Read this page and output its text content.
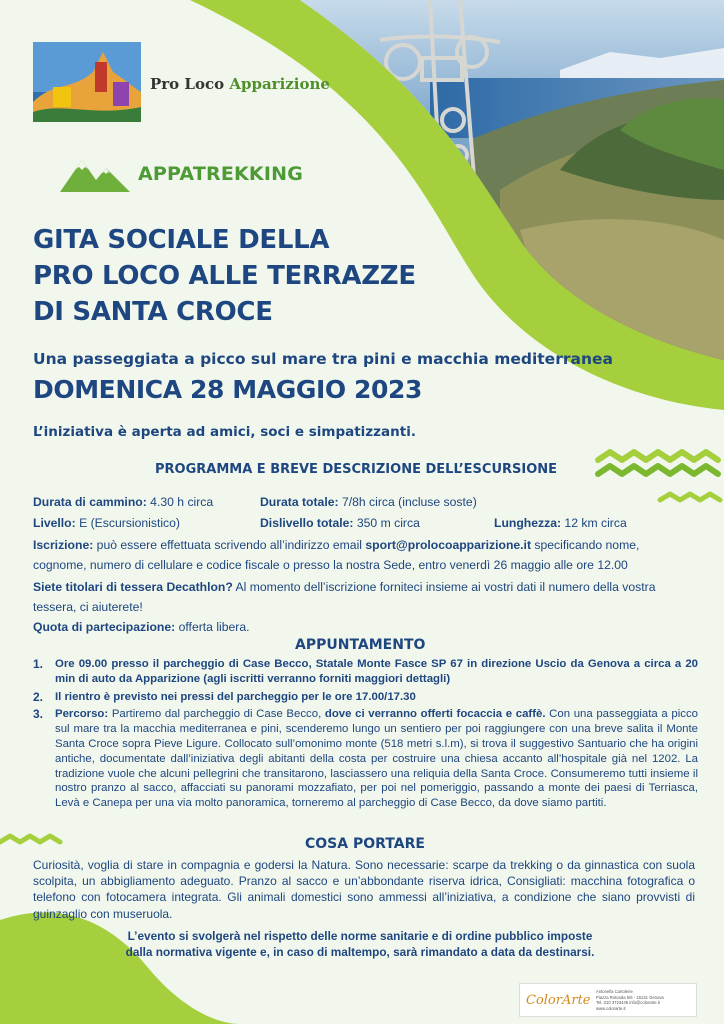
Pro Loco Apparizione
APPATREKKING
GITA SOCIALE DELLA
PRO LOCO ALLE TERRAZZE
DI SANTA CROCE
Una passeggiata a picco sul mare tra pini e macchia mediterranea
DOMENICA 28 MAGGIO 2023
L’iniziativa è aperta ad amici, soci e simpatizzanti.
PROGRAMMA E BREVE DESCRIZIONE DELL’ESCURSIONE
Durata di cammino: 4.30 h circa	Durata totale: 7/8h circa (incluse soste)
Livello: E (Escursionistico)	Dislivello totale: 350 m circa	Lunghezza: 12 km circa
Iscrizione: può essere effettuata scrivendo all’indirizzo email sport@prolocoapparizione.it specificando nome, cognome, numero di cellulare e codice fiscale o presso la nostra Sede, entro venerdì 26 maggio alle ore 12.00
Siete titolari di tessera Decathlon? Al momento dell’iscrizione forniteci insieme ai vostri dati il numero della vostra tessera, ci aiuterete!
Quota di partecipazione: offerta libera.
APPUNTAMENTO
1. Ore 09.00 presso il parcheggio di Case Becco, Statale Monte Fasce SP 67 in direzione Uscio da Genova a circa a 20 min di auto da Apparizione (agli iscritti verranno forniti maggiori dettagli)
2. Il rientro è previsto nei pressi del parcheggio per le ore 17.00/17.30
3. Percorso: Partiremo dal parcheggio di Case Becco, dove ci verranno offerti focaccia e caffè. Con una passeggiata a picco sul mare tra la macchia mediterranea e pini, scenderemo lungo un sentiero per poi raggiungere con una breve salita il Monte Santa Croce sopra Pieve Ligure. Collocato sull’omonimo monte (518 metri s.l.m), si trova il suggestivo Santuario che ha origini antiche, documentate dall’iniziativa degli abitanti della costa per costruire una chiesa accanto all’hospitale già nel 1202. La tradizione vuole che alcuni pellegrini che transitarono, lasciassero una reliquia della Santa Croce. Consumeremo tutti insieme il nostro pranzo al sacco, affacciati su panorami mozzafiato, per poi nel pomeriggio, passando a monte dei paesi di Terriasca, Levà e Canepa per una via molto panoramica, torneremo al parcheggio di Case Becco, da dove siamo partiti.
COSA PORTARE
Curiosità, voglia di stare in compagnia e godersi la Natura. Sono necessarie: scarpe da trekking o da ginnastica con suola scolpita, un abbigliamento adeguato. Pranzo al sacco e un’abbondante riserva idrica, Consigliati: macchina fotografica o telefono con fotocamera integrata. Gli animali domestici sono ammessi all’iniziativa, a condizione che siano provvisti di guinzaglio con museruola.
L’evento si svolgerà nel rispetto delle norme sanitarie e di ordine pubblico imposte
dalla normativa vigente e, in caso di maltempo, sarà rimandato a data da destinarsi.
ColorArte
Antonella Cartolerie
Piazza Rotonda 5/6 - 16131 Genova
Tel. 010 3723445 info@colorarte.it
www.colorarte.it
